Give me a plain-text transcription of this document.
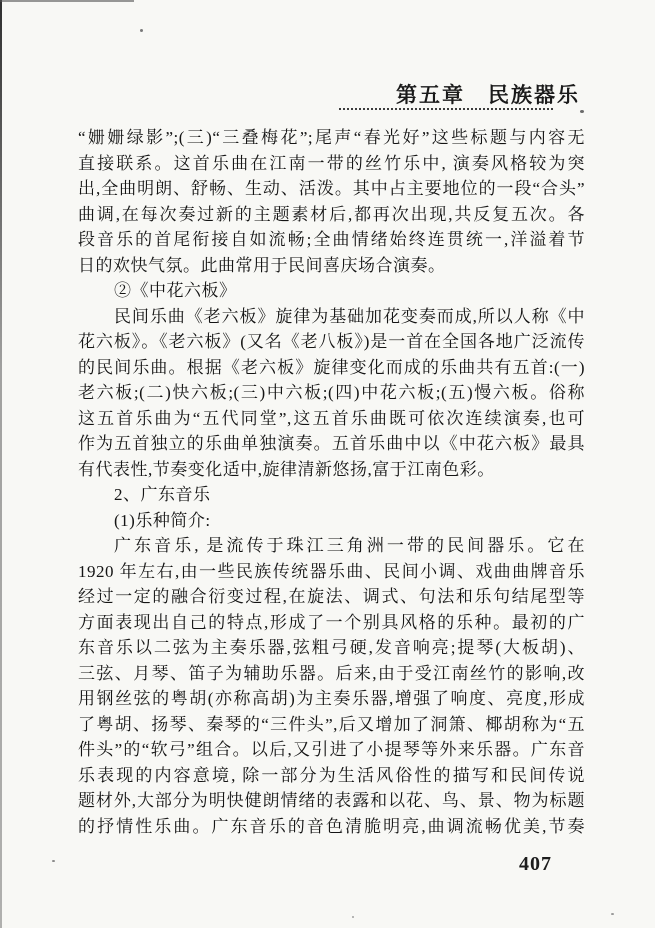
第五章　民族器乐
“姗姗绿影”;(三)“三叠梅花”;尾声“春光好”这些标题与内容无
直接联系。这首乐曲在江南一带的丝竹乐中, 演奏风格较为突
出,全曲明朗、舒畅、生动、活泼。其中占主要地位的一段“合头”
曲调,在每次奏过新的主题素材后,都再次出现,共反复五次。各
段音乐的首尾衔接自如流畅;全曲情绪始终连贯统一,洋溢着节
日的欢快气氛。此曲常用于民间喜庆场合演奏。
②《中花六板》
民间乐曲《老六板》旋律为基础加花变奏而成,所以人称《中
花六板》。《老六板》(又名《老八板》)是一首在全国各地广泛流传
的民间乐曲。根据《老六板》旋律变化而成的乐曲共有五首:(一)
老六板;(二)快六板;(三)中六板;(四)中花六板;(五)慢六板。俗称
这五首乐曲为“五代同堂”,这五首乐曲既可依次连续演奏,也可
作为五首独立的乐曲单独演奏。五首乐曲中以《中花六板》最具
有代表性,节奏变化适中,旋律清新悠扬,富于江南色彩。
2、广东音乐
(1)乐种简介:
广东音乐, 是流传于珠江三角洲一带的民间器乐。它在
1920 年左右,由一些民族传统器乐曲、民间小调、戏曲曲牌音乐
经过一定的融合衍变过程,在旋法、调式、句法和乐句结尾型等
方面表现出自己的特点,形成了一个别具风格的乐种。最初的广
东音乐以二弦为主奏乐器,弦粗弓硬,发音响亮;提琴(大板胡)、
三弦、月琴、笛子为辅助乐器。后来,由于受江南丝竹的影响,改
用钢丝弦的粤胡(亦称高胡)为主奏乐器,增强了响度、亮度,形成
了粤胡、扬琴、秦琴的“三件头”,后又增加了洞箫、椰胡称为“五
件头”的“软弓”组合。以后,又引进了小提琴等外来乐器。广东音
乐表现的内容意境, 除一部分为生活风俗性的描写和民间传说
题材外,大部分为明快健朗情绪的表露和以花、鸟、景、物为标题
的抒情性乐曲。广东音乐的音色清脆明亮,曲调流畅优美,节奏
407
